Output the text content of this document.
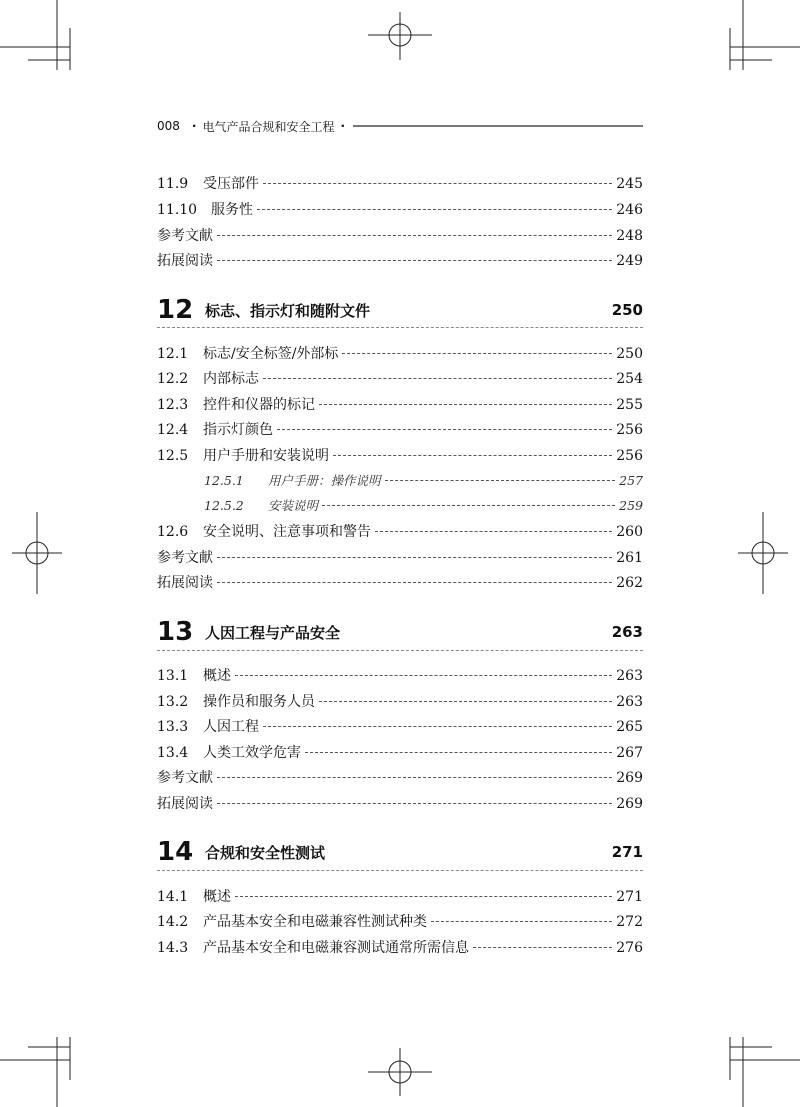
008 · 电气产品合规和安全工程 ·
11.9	受压部件	245
11.10 服务性	246
参考文献	248
拓展阅读	249
12 标志、指示灯和随附文件	250
12.1	标志/安全标签/外部标	250
12.2	内部标志	254
12.3	控件和仪器的标记	255
12.4	指示灯颜色	256
12.5	用户手册和安装说明	256
12.5.1	用户手册：操作说明	257
12.5.2	安装说明	259
12.6	安全说明、注意事项和警告	260
参考文献	261
拓展阅读	262
13 人因工程与产品安全	263
13.1	概述	263
13.2	操作员和服务人员	263
13.3	人因工程	265
13.4	人类工效学危害	267
参考文献	269
拓展阅读	269
14 合规和安全性测试	271
14.1	概述	271
14.2	产品基本安全和电磁兼容性测试种类	272
14.3	产品基本安全和电磁兼容测试通常所需信息	276
